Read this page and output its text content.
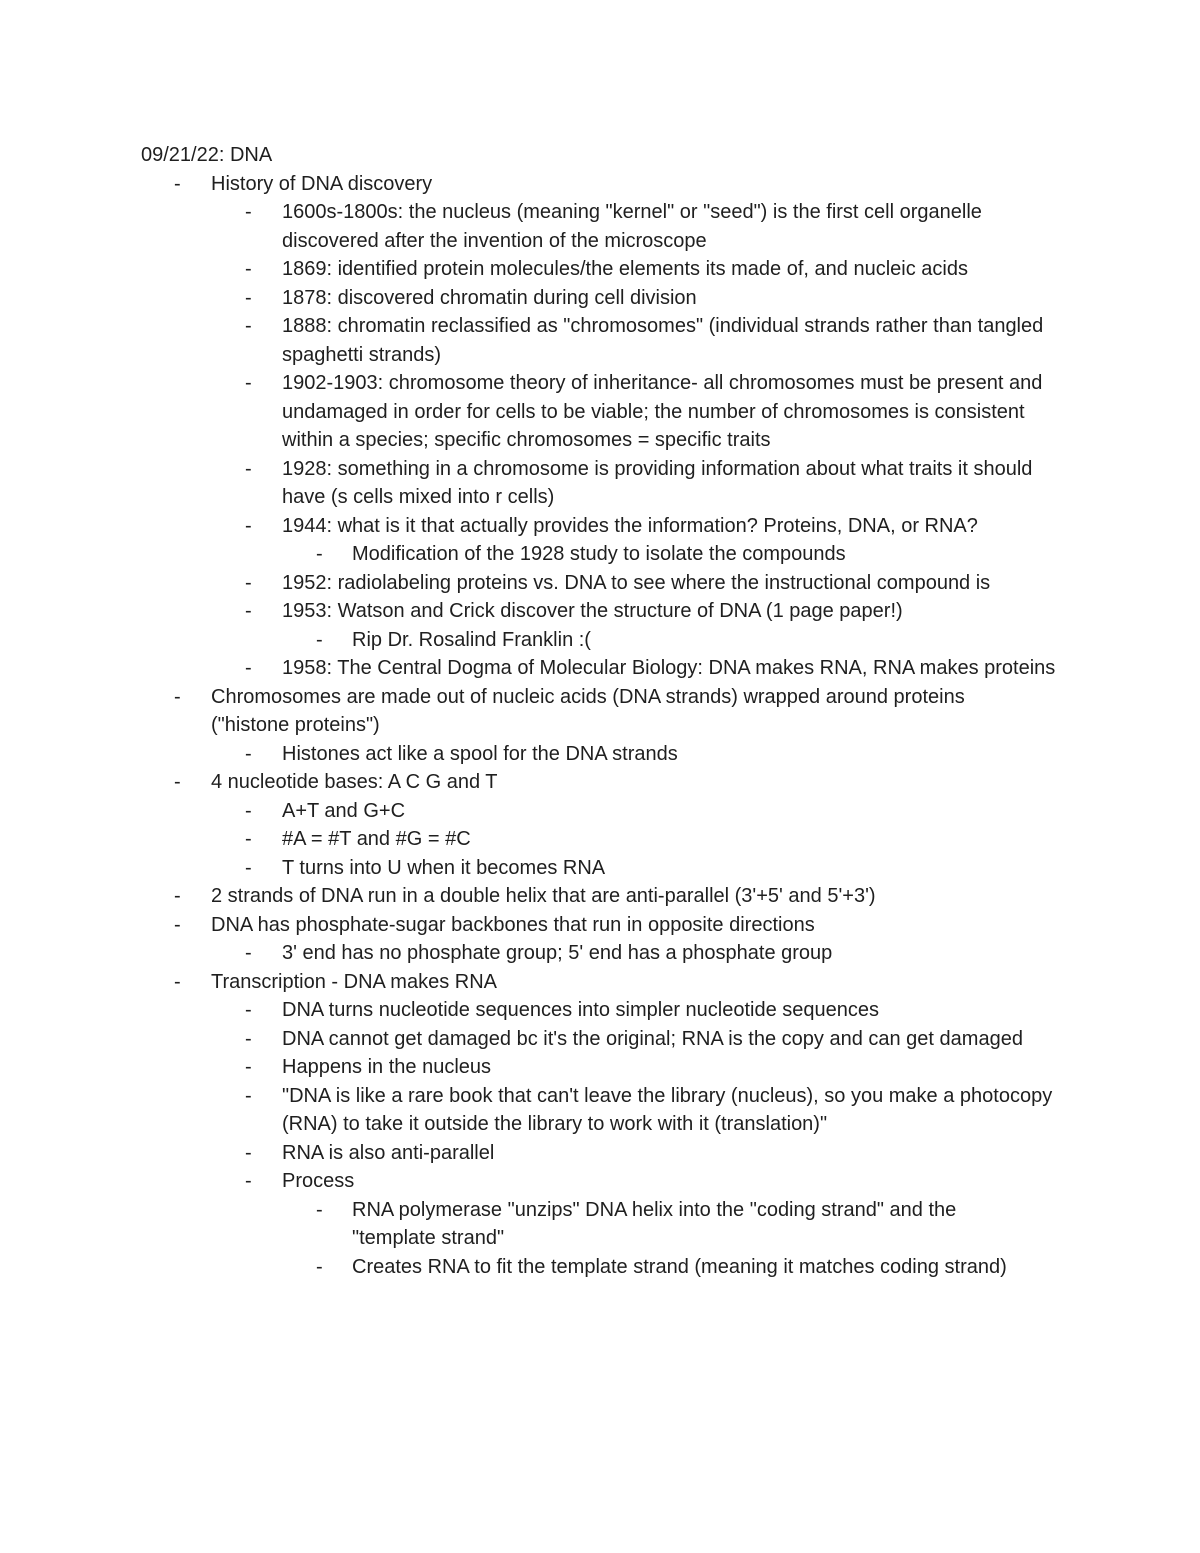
09/21/22: DNA
- History of DNA discovery
- 1600s-1800s: the nucleus (meaning "kernel" or "seed") is the first cell organelle discovered after the invention of the microscope
- 1869: identified protein molecules/the elements its made of, and nucleic acids
- 1878: discovered chromatin during cell division
- 1888: chromatin reclassified as "chromosomes" (individual strands rather than tangled spaghetti strands)
- 1902-1903: chromosome theory of inheritance- all chromosomes must be present and undamaged in order for cells to be viable; the number of chromosomes is consistent within a species; specific chromosomes = specific traits
- 1928: something in a chromosome is providing information about what traits it should have (s cells mixed into r cells)
- 1944: what is it that actually provides the information? Proteins, DNA, or RNA?
- Modification of the 1928 study to isolate the compounds
- 1952: radiolabeling proteins vs. DNA to see where the instructional compound is
- 1953: Watson and Crick discover the structure of DNA (1 page paper!)
- Rip Dr. Rosalind Franklin :(
- 1958: The Central Dogma of Molecular Biology: DNA makes RNA, RNA makes proteins
- Chromosomes are made out of nucleic acids (DNA strands) wrapped around proteins ("histone proteins")
- Histones act like a spool for the DNA strands
- 4 nucleotide bases: A C G and T
- A+T and G+C
- #A = #T and #G = #C
- T turns into U when it becomes RNA
- 2 strands of DNA run in a double helix that are anti-parallel (3'+5' and 5'+3')
- DNA has phosphate-sugar backbones that run in opposite directions
- 3' end has no phosphate group; 5' end has a phosphate group
- Transcription - DNA makes RNA
- DNA turns nucleotide sequences into simpler nucleotide sequences
- DNA cannot get damaged bc it's the original; RNA is the copy and can get damaged
- Happens in the nucleus
- "DNA is like a rare book that can't leave the library (nucleus), so you make a photocopy (RNA) to take it outside the library to work with it (translation)"
- RNA is also anti-parallel
- Process
- RNA polymerase "unzips" DNA helix into the "coding strand" and the "template strand"
- Creates RNA to fit the template strand (meaning it matches coding strand)
